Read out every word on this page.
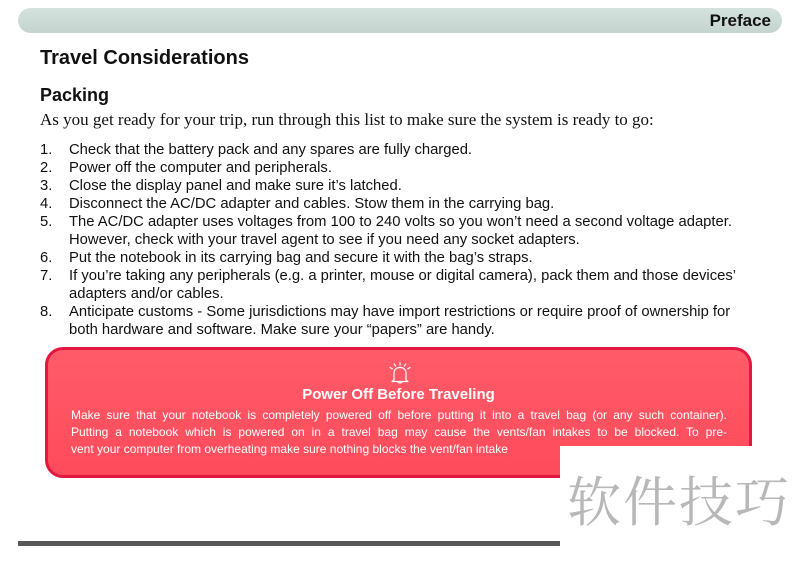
Preface
Travel Considerations
Packing
As you get ready for your trip, run through this list to make sure the system is ready to go:
1. Check that the battery pack and any spares are fully charged.
2. Power off the computer and peripherals.
3. Close the display panel and make sure it’s latched.
4. Disconnect the AC/DC adapter and cables. Stow them in the carrying bag.
5. The AC/DC adapter uses voltages from 100 to 240 volts so you won’t need a second voltage adapter.
However, check with your travel agent to see if you need any socket adapters.
6. Put the notebook in its carrying bag and secure it with the bag’s straps.
7. If you’re taking any peripherals (e.g. a printer, mouse or digital camera), pack them and those devices’
adapters and/or cables.
8. Anticipate customs - Some jurisdictions may have import restrictions or require proof of ownership for
both hardware and software. Make sure your “papers” are handy.
Power Off Before Traveling
Make sure that your notebook is completely powered off before putting it into a travel bag (or any such container).
Putting a notebook which is powered on in a travel bag may cause the vents/fan intakes to be blocked. To pre-
vent your computer from overheating make sure nothing blocks the vent/fan intake
软件技巧
